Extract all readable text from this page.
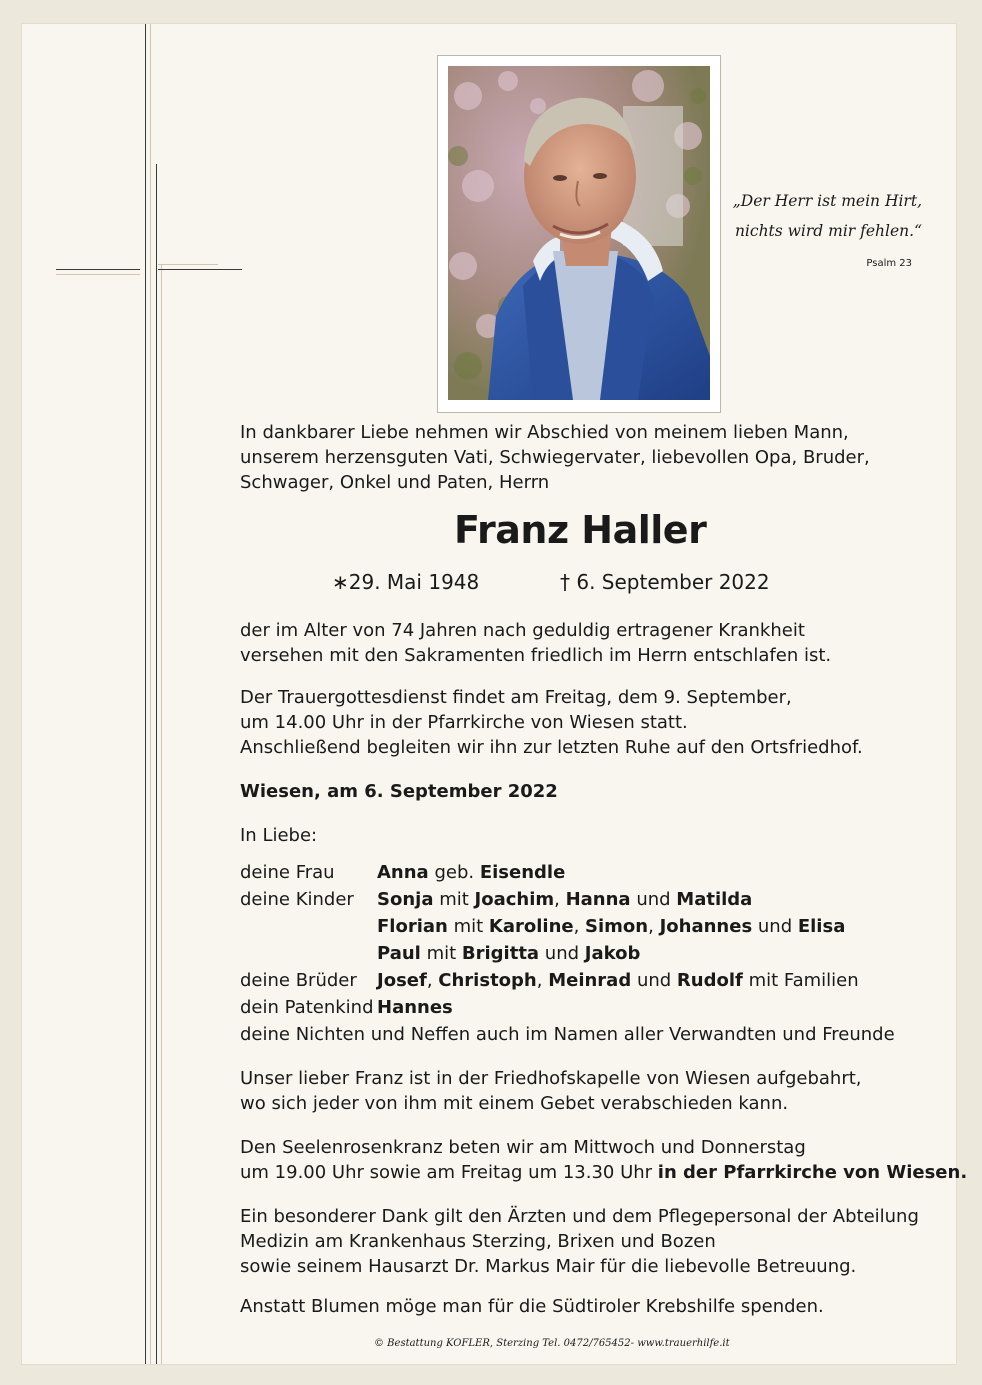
„Der Herr ist mein Hirt,
nichts wird mir fehlen.“
Psalm 23
In dankbarer Liebe nehmen wir Abschied von meinem lieben Mann,
unserem herzensguten Vati, Schwiegervater, liebevollen Opa, Bruder,
Schwager, Onkel und Paten, Herrn
Franz Haller
∗29. Mai 1948	† 6. September 2022
der im Alter von 74 Jahren nach geduldig ertragener Krankheit
versehen mit den Sakramenten friedlich im Herrn entschlafen ist.
Der Trauergottesdienst findet am Freitag, dem 9. September,
um 14.00 Uhr in der Pfarrkirche von Wiesen statt.
Anschließend begleiten wir ihn zur letzten Ruhe auf den Ortsfriedhof.
Wiesen, am 6. September 2022
In Liebe:
deine Frau Anna geb. Eisendle
deine Kinder Sonja mit Joachim, Hanna und Matilda
Florian mit Karoline, Simon, Johannes und Elisa
Paul mit Brigitta und Jakob
deine Brüder Josef, Christoph, Meinrad und Rudolf mit Familien
dein Patenkind Hannes
deine Nichten und Neffen auch im Namen aller Verwandten und Freunde
Unser lieber Franz ist in der Friedhofskapelle von Wiesen aufgebahrt,
wo sich jeder von ihm mit einem Gebet verabschieden kann.
Den Seelenrosenkranz beten wir am Mittwoch und Donnerstag
um 19.00 Uhr sowie am Freitag um 13.30 Uhr in der Pfarrkirche von Wiesen.
Ein besonderer Dank gilt den Ärzten und dem Pflegepersonal der Abteilung
Medizin am Krankenhaus Sterzing, Brixen und Bozen
sowie seinem Hausarzt Dr. Markus Mair für die liebevolle Betreuung.
Anstatt Blumen möge man für die Südtiroler Krebshilfe spenden.
© Bestattung KOFLER, Sterzing Tel. 0472/765452- www.trauerhilfe.it
